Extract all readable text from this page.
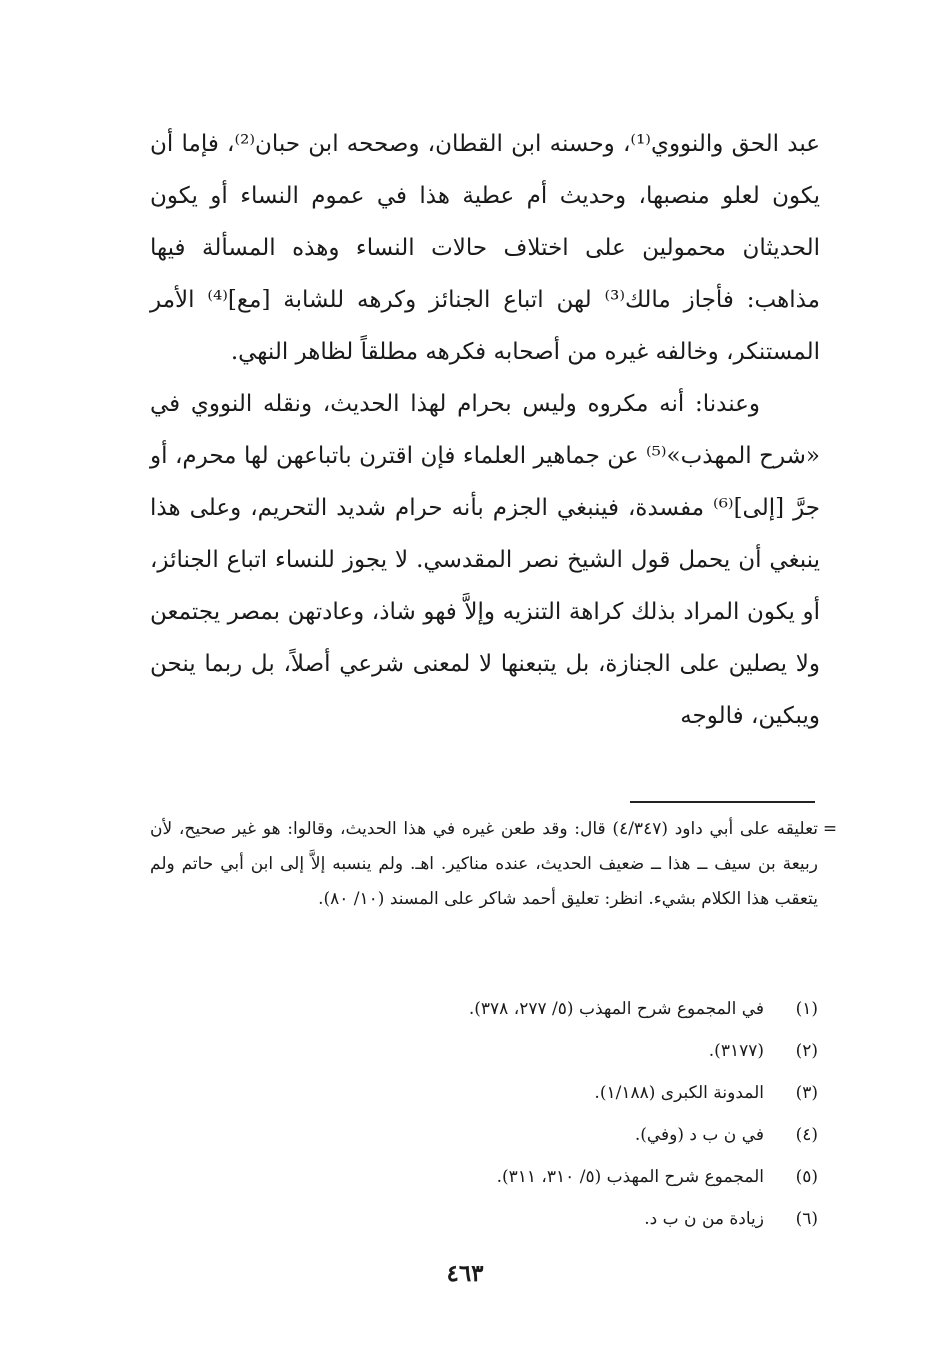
عبد الحق والنووي⁽¹⁾، وحسنه ابن القطان، وصححه ابن حبان⁽²⁾، فإما أن يكون لعلو منصبها، وحديث أم عطية هذا في عموم النساء أو يكون الحديثان محمولين على اختلاف حالات النساء وهذه المسألة فيها مذاهب: فأجاز مالك⁽³⁾ لهن اتباع الجنائز وكرهه للشابة [مع]⁽⁴⁾ الأمر المستنكر، وخالفه غيره من أصحابه فكرهه مطلقاً لظاهر النهي.

وعندنا: أنه مكروه وليس بحرام لهذا الحديث، ونقله النووي في «شرح المهذب»⁽⁵⁾ عن جماهير العلماء فإن اقترن باتباعهن لها محرم، أو جرَّ [إلى]⁽⁶⁾ مفسدة، فينبغي الجزم بأنه حرام شديد التحريم، وعلى هذا ينبغي أن يحمل قول الشيخ نصر المقدسي. لا يجوز للنساء اتباع الجنائز، أو يكون المراد بذلك كراهة التنزيه وإلاَّ فهو شاذ، وعادتهن بمصر يجتمعن ولا يصلين على الجنازة، بل يتبعنها لا لمعنى شرعي أصلاً، بل ربما ينحن ويبكين، فالوجه

=
تعليقه على أبي داود (٤/٣٤٧) قال: وقد طعن غيره في هذا الحديث، وقالوا: هو غير صحيح، لأن ربيعة بن سيف ــ هذا ــ ضعيف الحديث، عنده مناكير. اهـ. ولم ينسبه إلاَّ إلى ابن أبي حاتم ولم يتعقب هذا الكلام بشيء. انظر: تعليق أحمد شاكر على المسند (١٠/ ٨٠).
(١)
في المجموع شرح المهذب (٥/ ٢٧٧، ٣٧٨).
(٢)
(٣١٧٧).
(٣)
المدونة الكبرى (١/١٨٨).
(٤)
في ن ب د (وفي).
(٥)
المجموع شرح المهذب (٥/ ٣١٠، ٣١١).
(٦)
زيادة من ن ب د.
٤٦٣
